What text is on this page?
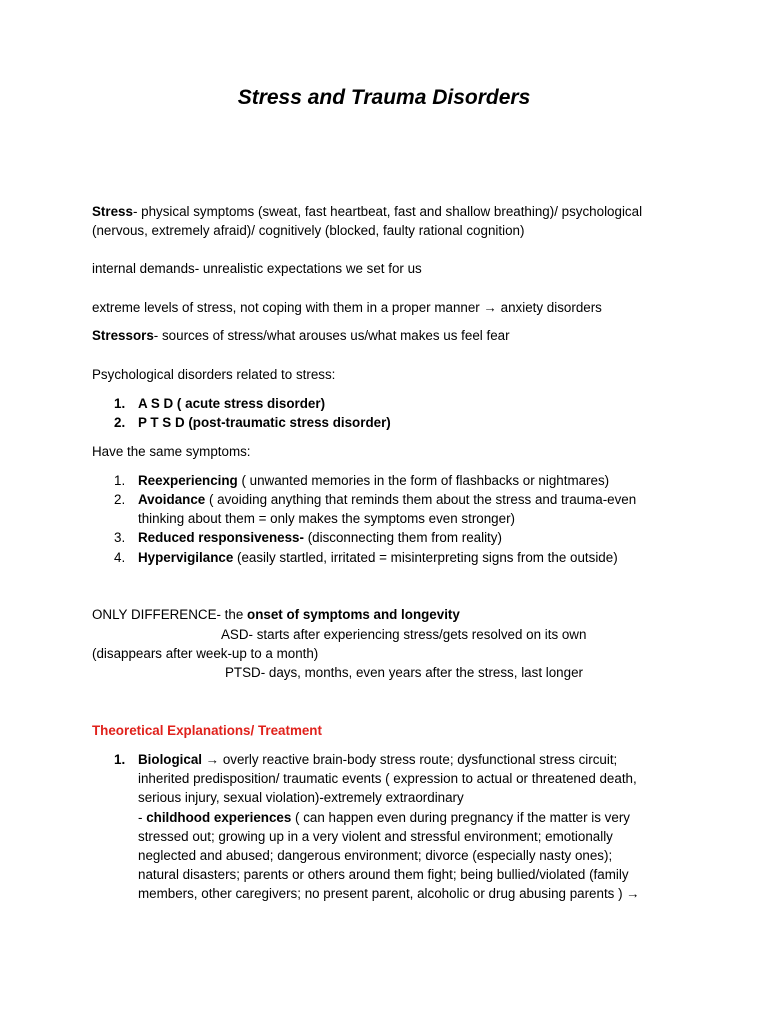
Stress and Trauma Disorders
Stress- physical symptoms (sweat, fast heartbeat, fast and shallow breathing)/ psychological
(nervous, extremely afraid)/ cognitively (blocked, faulty rational cognition)
internal demands- unrealistic expectations we set for us
extreme levels of stress, not coping with them in a proper manner → anxiety disorders
Stressors- sources of stress/what arouses us/what makes us feel fear
Psychological disorders related to stress:
1. A S D ( acute stress disorder)
2. P T S D (post-traumatic stress disorder)
Have the same symptoms:
1. Reexperiencing ( unwanted memories in the form of flashbacks or nightmares)
2. Avoidance ( avoiding anything that reminds them about the stress and trauma-even
thinking about them = only makes the symptoms even stronger)
3. Reduced responsiveness- (disconnecting them from reality)
4. Hypervigilance (easily startled, irritated = misinterpreting signs from the outside)
ONLY DIFFERENCE- the onset of symptoms and longevity
ASD- starts after experiencing stress/gets resolved on its own
(disappears after week-up to a month)
PTSD- days, months, even years after the stress, last longer
Theoretical Explanations/ Treatment
1. Biological → overly reactive brain-body stress route; dysfunctional stress circuit;
inherited predisposition/ traumatic events ( expression to actual or threatened death,
serious injury, sexual violation)-extremely extraordinary
- childhood experiences ( can happen even during pregnancy if the matter is very
stressed out; growing up in a very violent and stressful environment; emotionally
neglected and abused; dangerous environment; divorce (especially nasty ones);
natural disasters; parents or others around them fight; being bullied/violated (family
members, other caregivers; no present parent, alcoholic or drug abusing parents ) →
